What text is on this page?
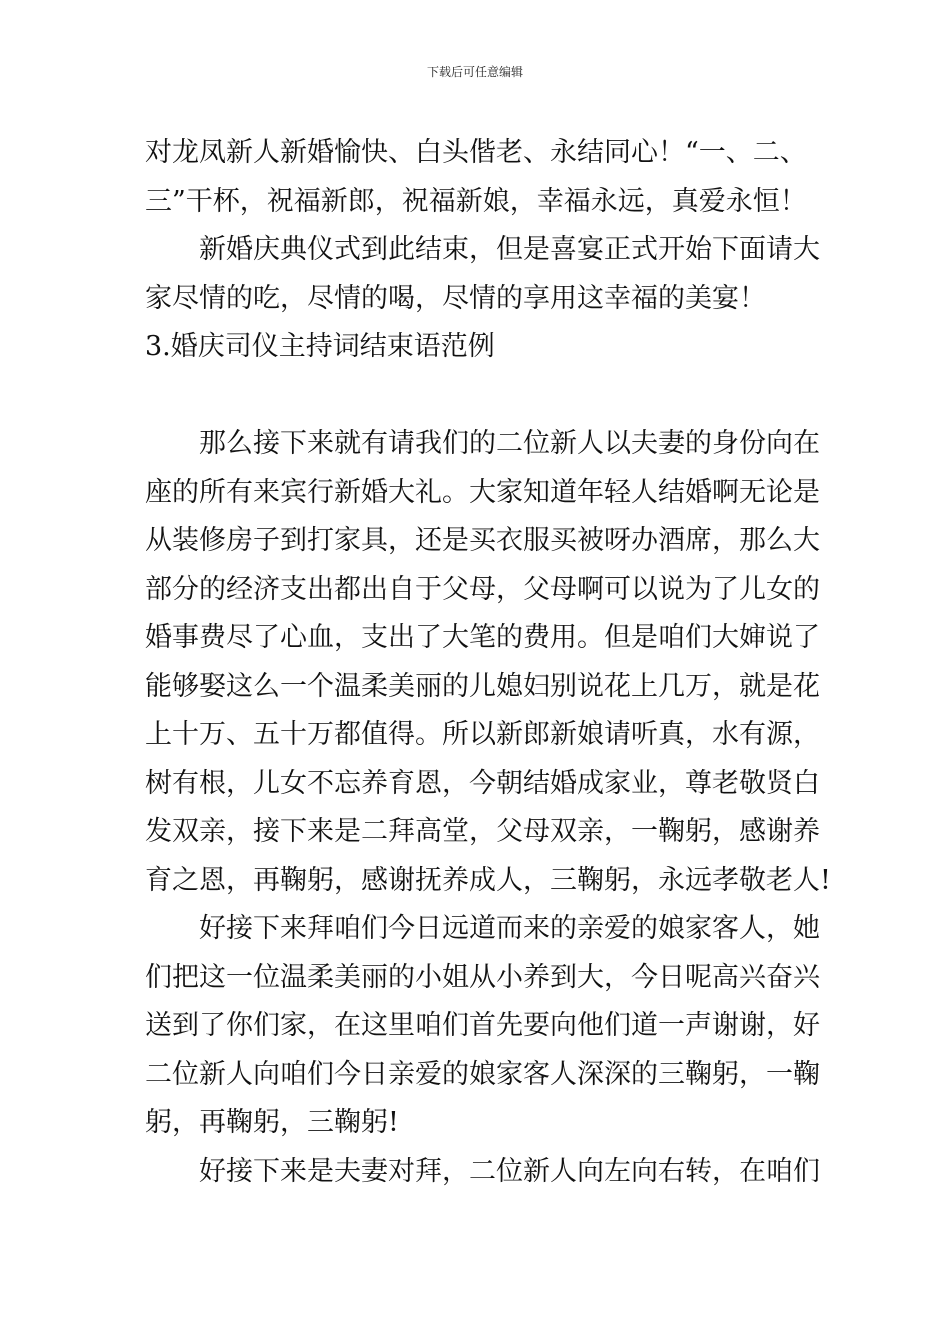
下载后可任意编辑
对龙凤新人新婚愉快、白头偕老、永结同心！“一、二、
三”干杯，祝福新郎，祝福新娘，幸福永远，真爱永恒！
　　新婚庆典仪式到此结束，但是喜宴正式开始下面请大
家尽情的吃，尽情的喝，尽情的享用这幸福的美宴！
3.婚庆司仪主持词结束语范例
　　那么接下来就有请我们的二位新人以夫妻的身份向在
座的所有来宾行新婚大礼。大家知道年轻人结婚啊无论是
从装修房子到打家具，还是买衣服买被呀办酒席，那么大
部分的经济支出都出自于父母，父母啊可以说为了儿女的
婚事费尽了心血，支出了大笔的费用。但是咱们大婶说了
能够娶这么一个温柔美丽的儿媳妇别说花上几万，就是花
上十万、五十万都值得。所以新郎新娘请听真，水有源，
树有根，儿女不忘养育恩，今朝结婚成家业，尊老敬贤白
发双亲，接下来是二拜高堂，父母双亲，一鞠躬，感谢养
育之恩，再鞠躬，感谢抚养成人，三鞠躬，永远孝敬老人!
　　好接下来拜咱们今日远道而来的亲爱的娘家客人，她
们把这一位温柔美丽的小姐从小养到大，今日呢高兴奋兴
送到了你们家，在这里咱们首先要向他们道一声谢谢，好
二位新人向咱们今日亲爱的娘家客人深深的三鞠躬，一鞠
躬，再鞠躬，三鞠躬!
　　好接下来是夫妻对拜，二位新人向左向右转，在咱们
